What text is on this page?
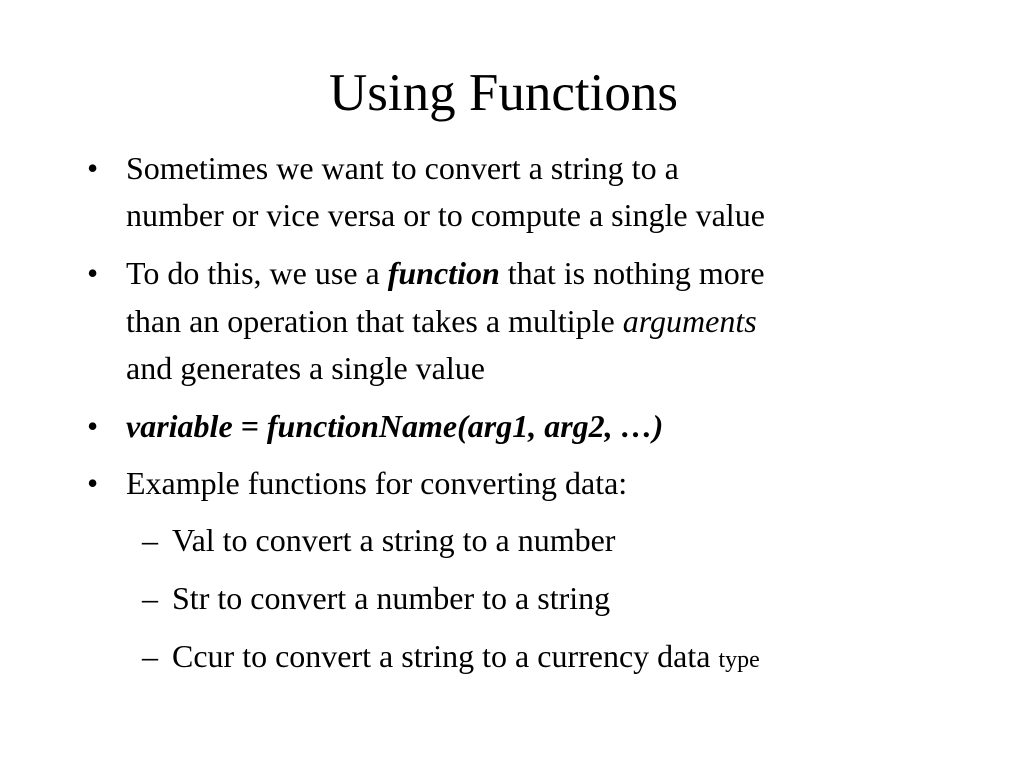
Using Functions
• Sometimes we want to convert a string to a
number or vice versa or to compute a single value
• To do this, we use a function that is nothing more
than an operation that takes a multiple arguments
and generates a single value
• variable = functionName(arg1, arg2, …)
• Example functions for converting data:
– Val to convert a string to a number
– Str to convert a number to a string
– Ccur to convert a string to a currency data type
